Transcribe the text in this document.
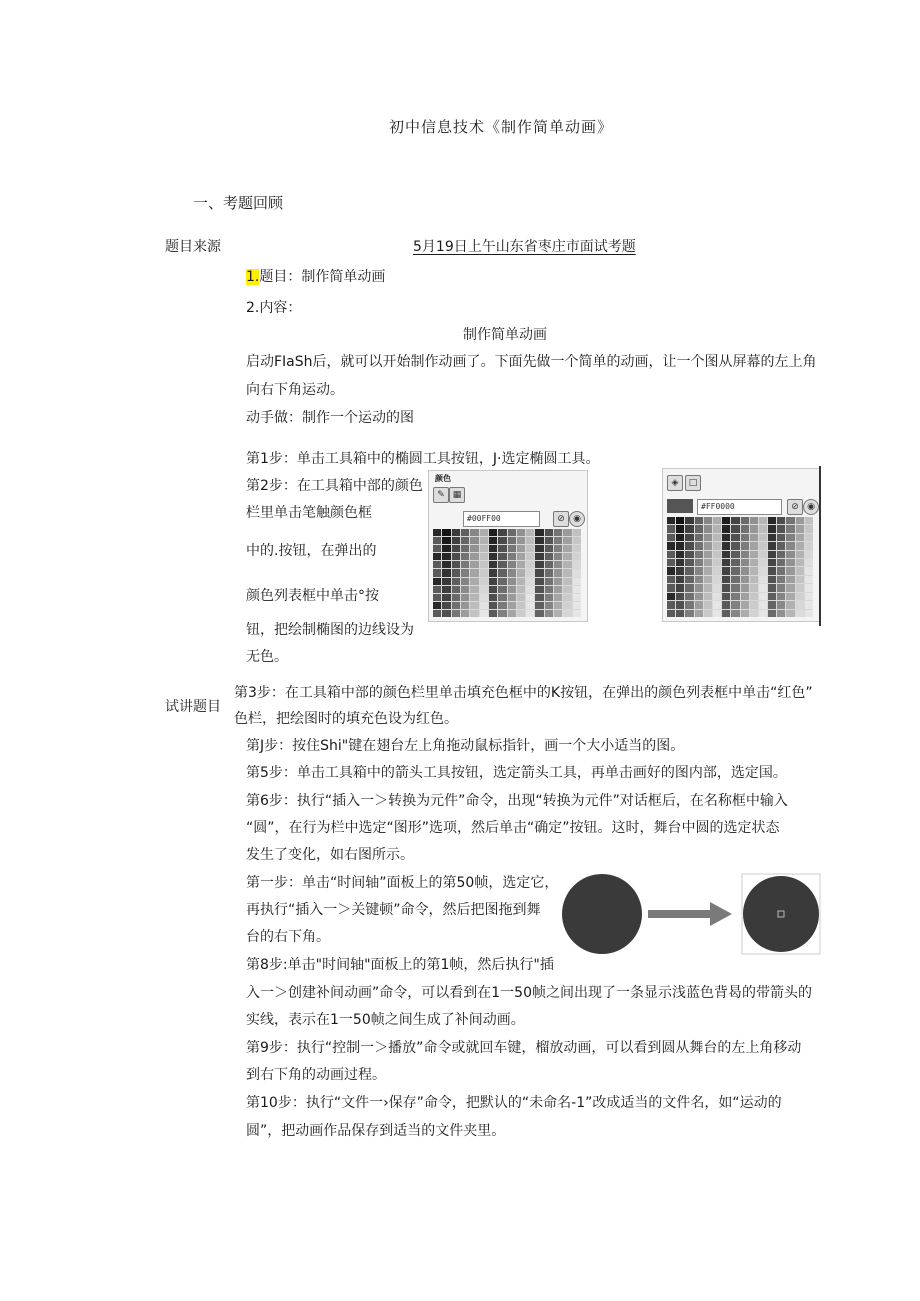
初中信息技术《制作简单动画》
一、考题回顾
题目来源	5月19日上午山东省枣庄市面试考题
1.题目：制作简单动画
2.内容：
制作简单动画
启动FIaSh后，就可以开始制作动画了。下面先做一个简单的动画，让一个图从屏幕的左上角
向右下角运动。
动手做：制作一个运动的图
第1步：单击工具箱中的椭圆工具按钮，J·选定椭圆工具。
第2步：在工具箱中部的颜色
栏里单击笔触颜色框
中的.按钮，在弹出的
颜色列表框中单击°按
钮，把绘制椭图的边线设为
无色。
颜色
✎ ▦
#00FF00	⊘ ◉
◈	□
#FF0000	⊘ ◉
试讲题目
第3步：在工具箱中部的颜色栏里单击填充色框中的K按钮，在弹出的颜色列表框中单击“红色”
色栏，把绘图时的填充色设为红色。
第J步：按住Shi"键在翅台左上角拖动鼠标指针，画一个大小适当的图。
第5步：单击工具箱中的箭头工具按钮，选定箭头工具，再单击画好的图内部，选定国。
第6步：执行“插入一＞转换为元件”命令，出现“转换为元件”对话框后，在名称框中输入
“圆”，在行为栏中选定“图形”选项，然后单击“确定”按钮。这时，舞台中圆的选定状态
发生了变化，如右图所示。
第一步：单击“时间轴”面板上的第50帧，选定它，
再执行“插入一＞关键顿”命令，然后把图拖到舞
台的右下角。
第8步:单击"时间轴"面板上的第1帧，然后执行"插
入一＞创建补间动画”命令，可以看到在1一50帧之间出现了一条显示浅蓝色背曷的带箭头的
实线，表示在1一50帧之间生成了补间动画。
第9步：执行“控制一＞播放”命令或就回车键，榴放动画，可以看到圆从舞台的左上角移动
到右下角的动画过程。
第10步：执行“文件一›保存”命令，把默认的“未命名-1”改成适当的文件名，如“运动的
圆”，把动画作品保存到适当的文件夹里。
